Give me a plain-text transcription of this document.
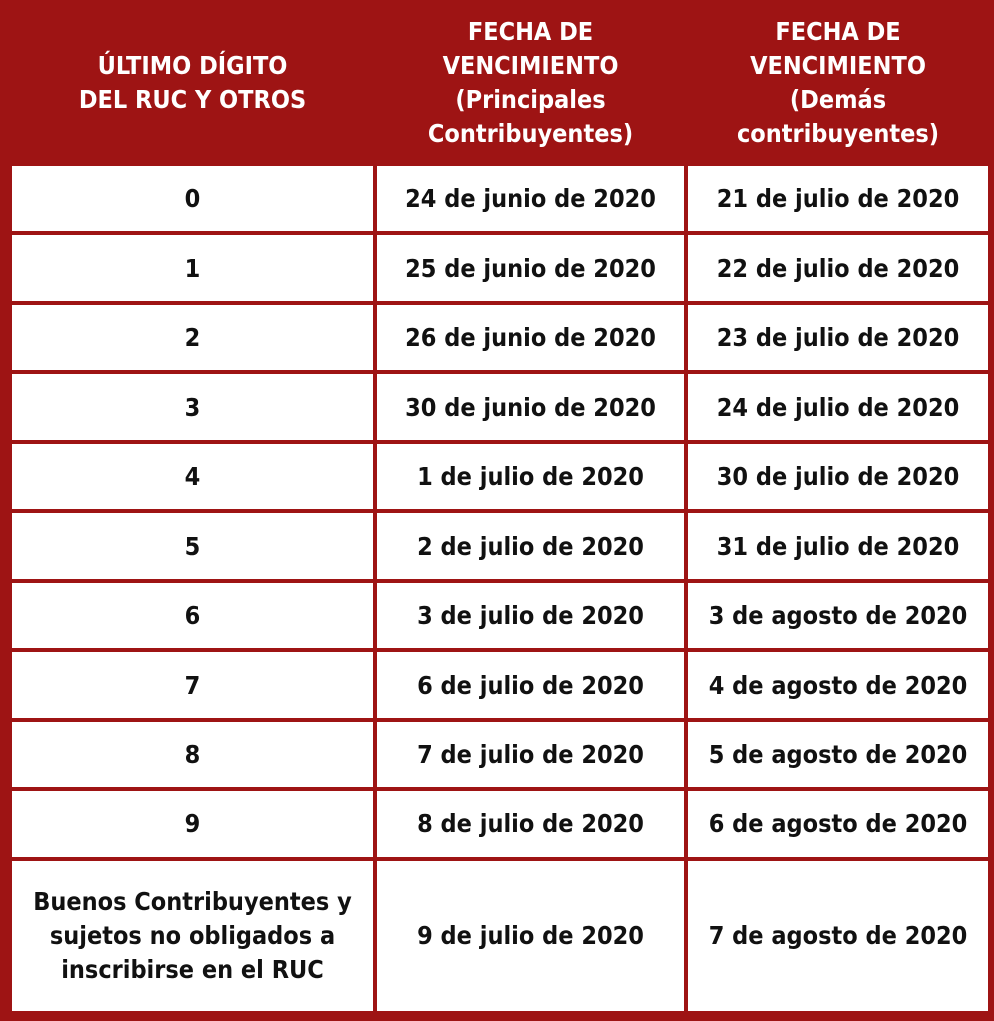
ÚLTIMO DÍGITO
DEL RUC Y OTROS	FECHA DE
VENCIMIENTO
(Principales
Contribuyentes)	FECHA DE
VENCIMIENTO
(Demás
contribuyentes)

0	24 de junio de 2020	21 de julio de 2020
1	25 de junio de 2020	22 de julio de 2020
2	26 de junio de 2020	23 de julio de 2020
3	30 de junio de 2020	24 de julio de 2020
4	1 de julio de 2020	30 de julio de 2020
5	2 de julio de 2020	31 de julio de 2020
6	3 de julio de 2020	3 de agosto de 2020
7	6 de julio de 2020	4 de agosto de 2020
8	7 de julio de 2020	5 de agosto de 2020
9	8 de julio de 2020	6 de agosto de 2020

Buenos Contribuyentes y
sujetos no obligados a
inscribirse en el RUC	9 de julio de 2020	7 de agosto de 2020
